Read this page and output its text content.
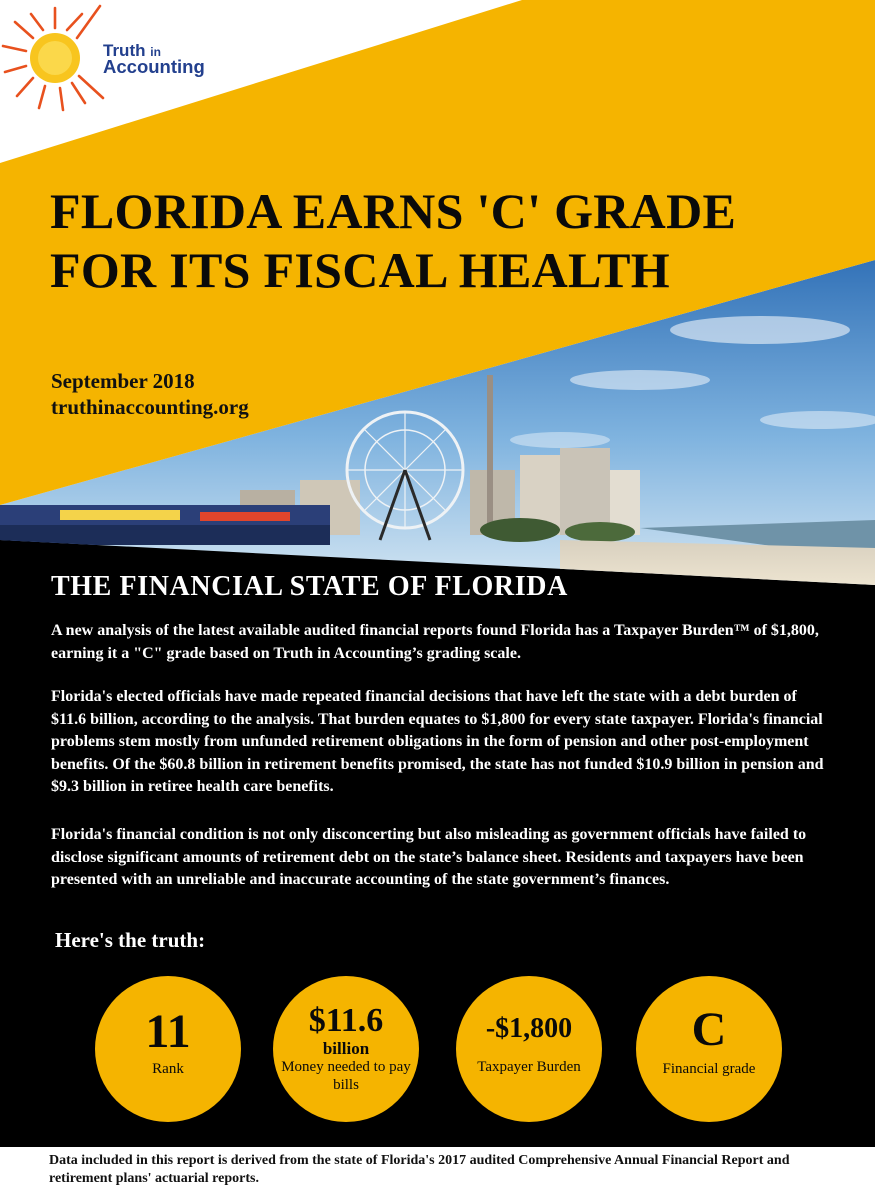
Truth in
Accounting
FLORIDA EARNS 'C' GRADE FOR ITS FISCAL HEALTH
September 2018
truthinaccounting.org
THE FINANCIAL STATE OF FLORIDA

A new analysis of the latest available audited financial reports found Florida has a Taxpayer Burden™ of $1,800, earning it a "C" grade based on Truth in Accounting’s grading scale.

Florida's elected officials have made repeated financial decisions that have left the state with a debt burden of $11.6 billion, according to the analysis. That burden equates to $1,800 for every state taxpayer. Florida's financial problems stem mostly from unfunded retirement obligations in the form of pension and other post-employment benefits. Of the $60.8 billion in retirement benefits promised, the state has not funded $10.9 billion in pension and $9.3 billion in retiree health care benefits.

Florida's financial condition is not only disconcerting but also misleading as government officials have failed to disclose significant amounts of retirement debt on the state’s balance sheet. Residents and taxpayers have been presented with an unreliable and inaccurate accounting of the state government’s finances.

Here's the truth:
11
Rank
$11.6
billion
Money needed to pay bills
-$1,800
Taxpayer Burden
C
Financial grade

Data included in this report is derived from the state of Florida's 2017 audited Comprehensive Annual Financial Report and retirement plans' actuarial reports.
